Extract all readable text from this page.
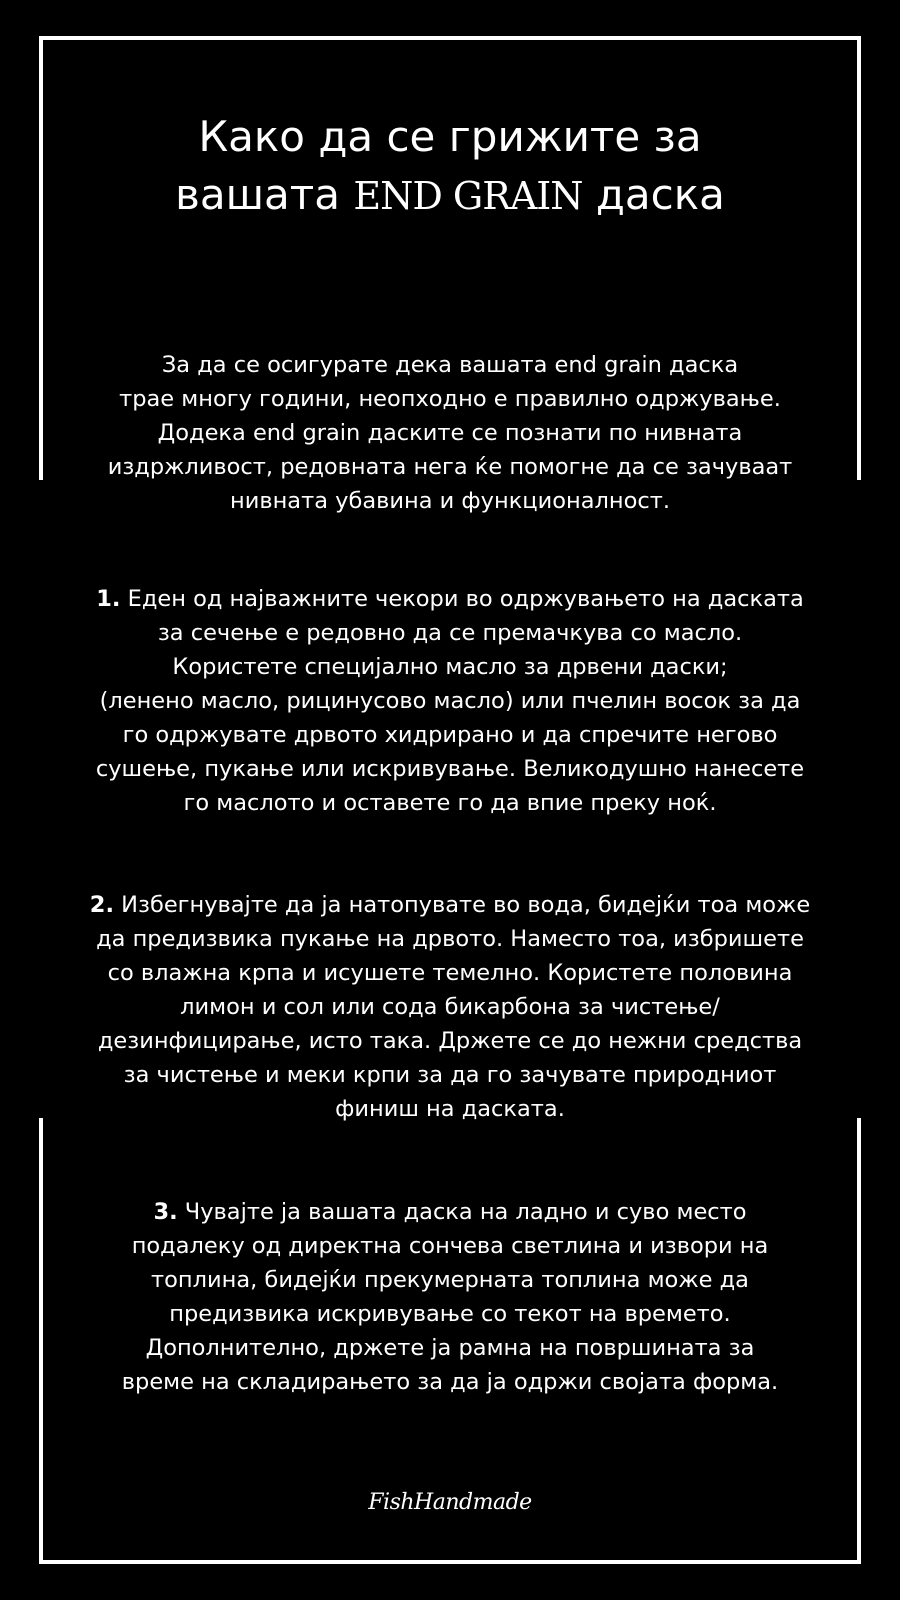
Како да се грижите за
вашата END GRAIN даска
За да се осигурате дека вашата end grain даска
трае многу години, неопходно е правилно одржување.
Додека end grain даските се познати по нивната
издржливост, редовната нега ќе помогне да се зачуваат
нивната убавина и функционалност.
1. Еден од најважните чекори во одржувањето на даската
за сечење е редовно да се премачкува со масло.
Користете специјално масло за дрвени даски;
(ленено масло, рицинусово масло) или пчелин восок за да
го одржувате дрвото хидрирано и да спречите негово
сушење, пукање или искривување. Великодушно нанесете
го маслото и оставете го да впие преку ноќ.
2. Избегнувајте да ја натопувате во вода, бидејќи тоа може
да предизвика пукање на дрвото. Наместо тоа, избришете
со влажна крпа и исушете темелно. Користете половина
лимон и сол или сода бикарбона за чистење/
дезинфицирање, исто така. Држете се до нежни средства
за чистење и меки крпи за да го зачувате природниот
финиш на даската.
3. Чувајте ја вашата даска на ладно и суво место
подалеку од директна сончева светлина и извори на
топлина, бидејќи прекумерната топлина може да
предизвика искривување со текот на времето.
Дополнително, држете ја рамна на површината за
време на складирањето за да ја одржи својата форма.
FishHandmade
